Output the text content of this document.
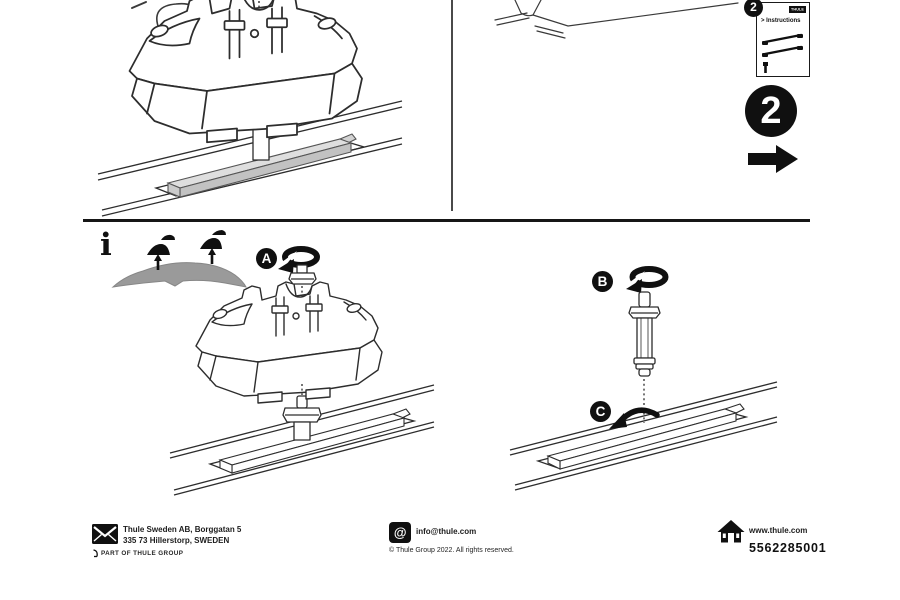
THULE
> Instructions
2
2
i	A
B
C
Thule Sweden AB, Borggatan 5
335 73 Hillerstorp, SWEDEN
PART OF THULE GROUP
@	info@thule.com
© Thule Group 2022. All rights reserved.
www.thule.com
5562285001
